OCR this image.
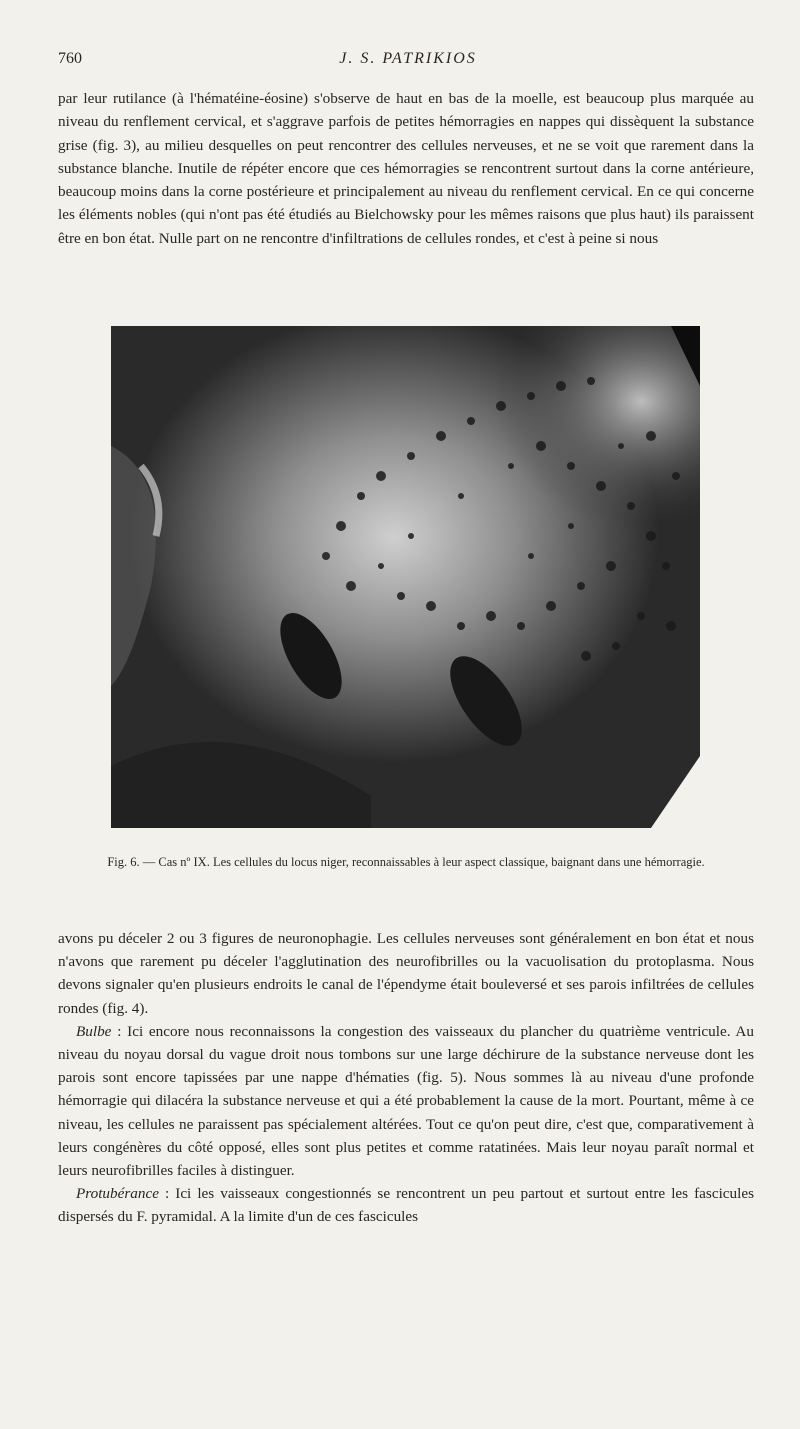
760	J. S. PATRIKIOS

par leur rutilance (à l'hématéine-éosine) s'observe de haut en bas de la moelle, est beaucoup plus marquée au niveau du renflement cervical, et s'aggrave parfois de petites hémorragies en nappes qui dissèquent la substance grise (fig. 3), au milieu desquelles on peut rencontrer des cellules nerveuses, et ne se voit que rarement dans la substance blanche. Inutile de répéter encore que ces hémorragies se rencontrent surtout dans la corne antérieure, beaucoup moins dans la corne postérieure et principalement au niveau du renflement cervical. En ce qui concerne les éléments nobles (qui n'ont pas été étudiés au Bielchowsky pour les mêmes raisons que plus haut) ils paraissent être en bon état. Nulle part on ne rencontre d'infiltrations de cellules rondes, et c'est à peine si nous

Fig. 6. — Cas nº IX. Les cellules du locus niger, reconnaissables à leur aspect classique, baignant dans une hémorragie.

avons pu déceler 2 ou 3 figures de neuronophagie. Les cellules nerveuses sont généralement en bon état et nous n'avons que rarement pu déceler l'agglutination des neurofibrilles ou la vacuolisation du protoplasma. Nous devons signaler qu'en plusieurs endroits le canal de l'épendyme était bouleversé et ses parois infiltrées de cellules rondes (fig. 4).

Bulbe : Ici encore nous reconnaissons la congestion des vaisseaux du plancher du quatrième ventricule. Au niveau du noyau dorsal du vague droit nous tombons sur une large déchirure de la substance nerveuse dont les parois sont encore tapissées par une nappe d'hématies (fig. 5). Nous sommes là au niveau d'une profonde hémorragie qui dilacéra la substance nerveuse et qui a été probablement la cause de la mort. Pourtant, même à ce niveau, les cellules ne paraissent pas spécialement altérées. Tout ce qu'on peut dire, c'est que, comparativement à leurs congénères du côté opposé, elles sont plus petites et comme ratatinées. Mais leur noyau paraît normal et leurs neurofibrilles faciles à distinguer.

Protubérance : Ici les vaisseaux congestionnés se rencontrent un peu partout et surtout entre les fascicules dispersés du F. pyramidal. A la limite d'un de ces fascicules
